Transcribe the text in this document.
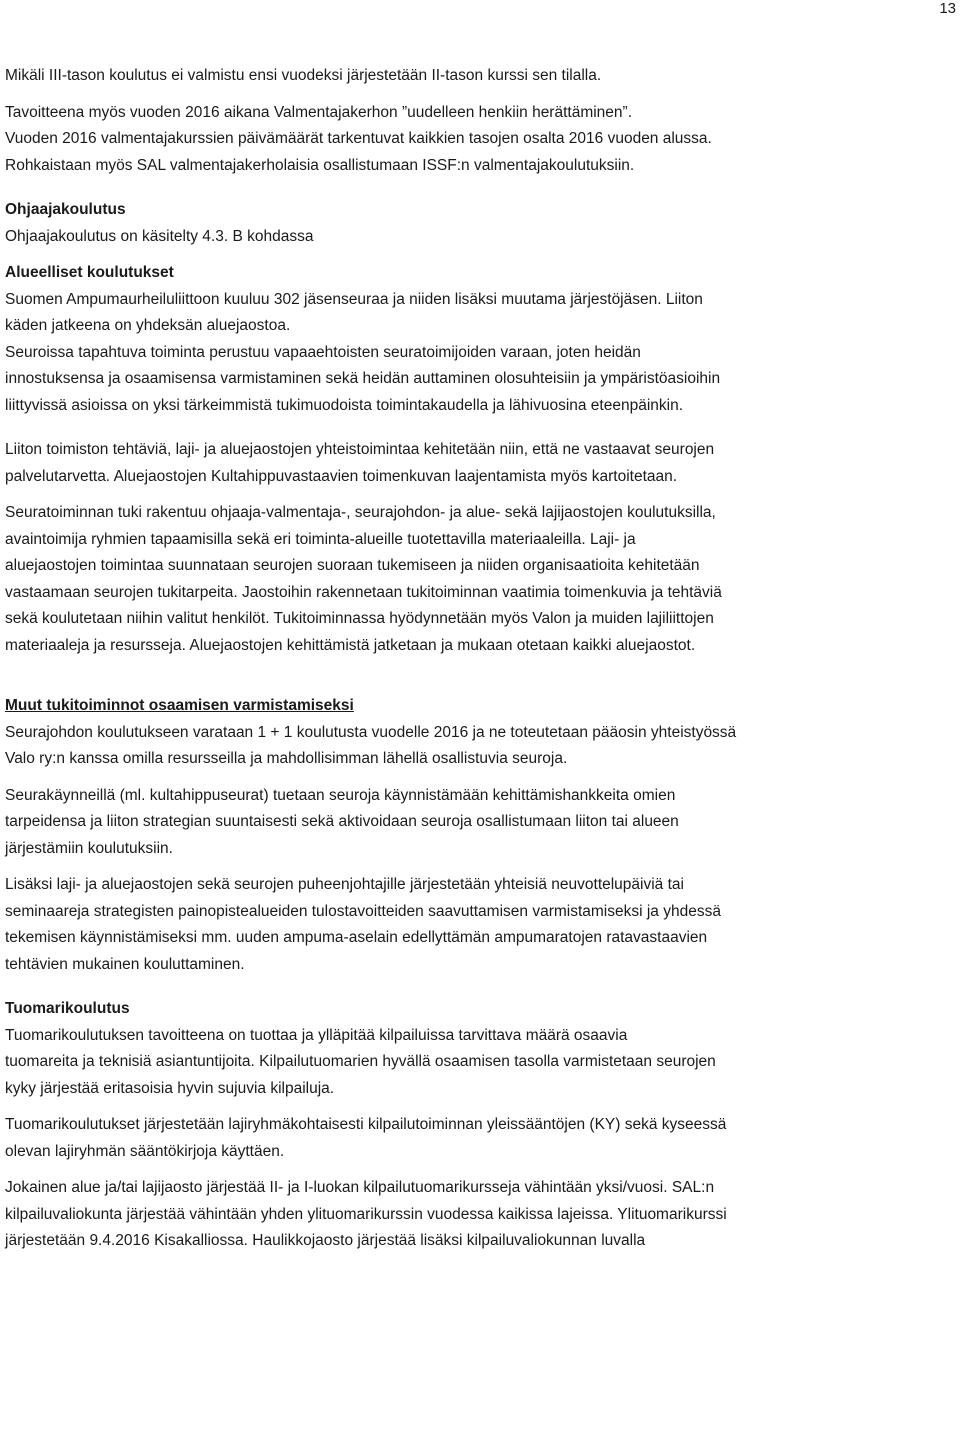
13
Mikäli III-tason koulutus ei valmistu ensi vuodeksi järjestetään II-tason kurssi sen tilalla.
Tavoitteena myös vuoden 2016 aikana Valmentajakerhon ”uudelleen henkiin herättäminen”.
Vuoden 2016 valmentajakurssien päivämäärät tarkentuvat kaikkien tasojen osalta 2016 vuoden alussa.
Rohkaistaan myös SAL valmentajakerholaisia osallistumaan ISSF:n valmentajakoulutuksiin.
Ohjaajakoulutus
Ohjaajakoulutus on käsitelty 4.3. B kohdassa
Alueelliset koulutukset
Suomen Ampumaurheiluliittoon kuuluu 302 jäsenseuraa ja niiden lisäksi muutama järjestöjäsen. Liiton
käden jatkeena on yhdeksän aluejaostoa.
Seuroissa tapahtuva toiminta perustuu vapaaehtoisten seuratoimijoiden varaan, joten heidän
innostuksensa ja osaamisensa varmistaminen sekä heidän auttaminen olosuhteisiin ja ympäristöasioihin
liittyvissä asioissa on yksi tärkeimmistä tukimuodoista toimintakaudella ja lähivuosina eteenpäinkin.
Liiton toimiston tehtäviä, laji- ja aluejaostojen yhteistoimintaa kehitetään niin, että ne vastaavat seurojen
palvelutarvetta. Aluejaostojen Kultahippuvastaavien toimenkuvan laajentamista myös kartoitetaan.
Seuratoiminnan tuki rakentuu ohjaaja-valmentaja-, seurajohdon- ja alue- sekä lajijaostojen koulutuksilla,
avaintoimija ryhmien tapaamisilla sekä eri toiminta-alueille tuotettavilla materiaaleilla. Laji- ja
aluejaostojen toimintaa suunnataan seurojen suoraan tukemiseen ja niiden organisaatioita kehitetään
vastaamaan seurojen tukitarpeita. Jaostoihin rakennetaan tukitoiminnan vaatimia toimenkuvia ja tehtäviä
sekä koulutetaan niihin valitut henkilöt. Tukitoiminnassa hyödynnetään myös Valon ja muiden lajiliittojen
materiaaleja ja resursseja. Aluejaostojen kehittämistä jatketaan ja mukaan otetaan kaikki aluejaostot.
Muut tukitoiminnot osaamisen varmistamiseksi
Seurajohdon koulutukseen varataan 1 + 1 koulutusta vuodelle 2016 ja ne toteutetaan pääosin yhteistyössä
Valo ry:n kanssa omilla resursseilla ja mahdollisimman lähellä osallistuvia seuroja.
Seurakäynneillä (ml. kultahippuseurat) tuetaan seuroja käynnistämään kehittämishankkeita omien
tarpeidensa ja liiton strategian suuntaisesti sekä aktivoidaan seuroja osallistumaan liiton tai alueen
järjestämiin koulutuksiin.
Lisäksi laji- ja aluejaostojen sekä seurojen puheenjohtajille järjestetään yhteisiä neuvottelupäiviä tai
seminaareja strategisten painopistealueiden tulostavoitteiden saavuttamisen varmistamiseksi ja yhdessä
tekemisen käynnistämiseksi mm. uuden ampuma-aselain edellyttämän ampumaratojen ratavastaavien
tehtävien mukainen kouluttaminen.
Tuomarikoulutus
Tuomarikoulutuksen tavoitteena on tuottaa ja ylläpitää kilpailuissa tarvittava määrä osaavia
tuomareita ja teknisiä asiantuntijoita. Kilpailutuomarien hyvällä osaamisen tasolla varmistetaan seurojen
kyky järjestää eritasoisia hyvin sujuvia kilpailuja.
Tuomarikoulutukset järjestetään lajiryhmäkohtaisesti kilpailutoiminnan yleissääntöjen (KY) sekä kyseessä
olevan lajiryhmän sääntökirjoja käyttäen.
Jokainen alue ja/tai lajijaosto järjestää II- ja I-luokan kilpailutuomarikursseja vähintään yksi/vuosi. SAL:n
kilpailuvaliokunta järjestää vähintään yhden ylituomarikurssin vuodessa kaikissa lajeissa. Ylituomarikurssi
järjestetään 9.4.2016 Kisakalliossa. Haulikkojaosto järjestää lisäksi kilpailuvaliokunnan luvalla
